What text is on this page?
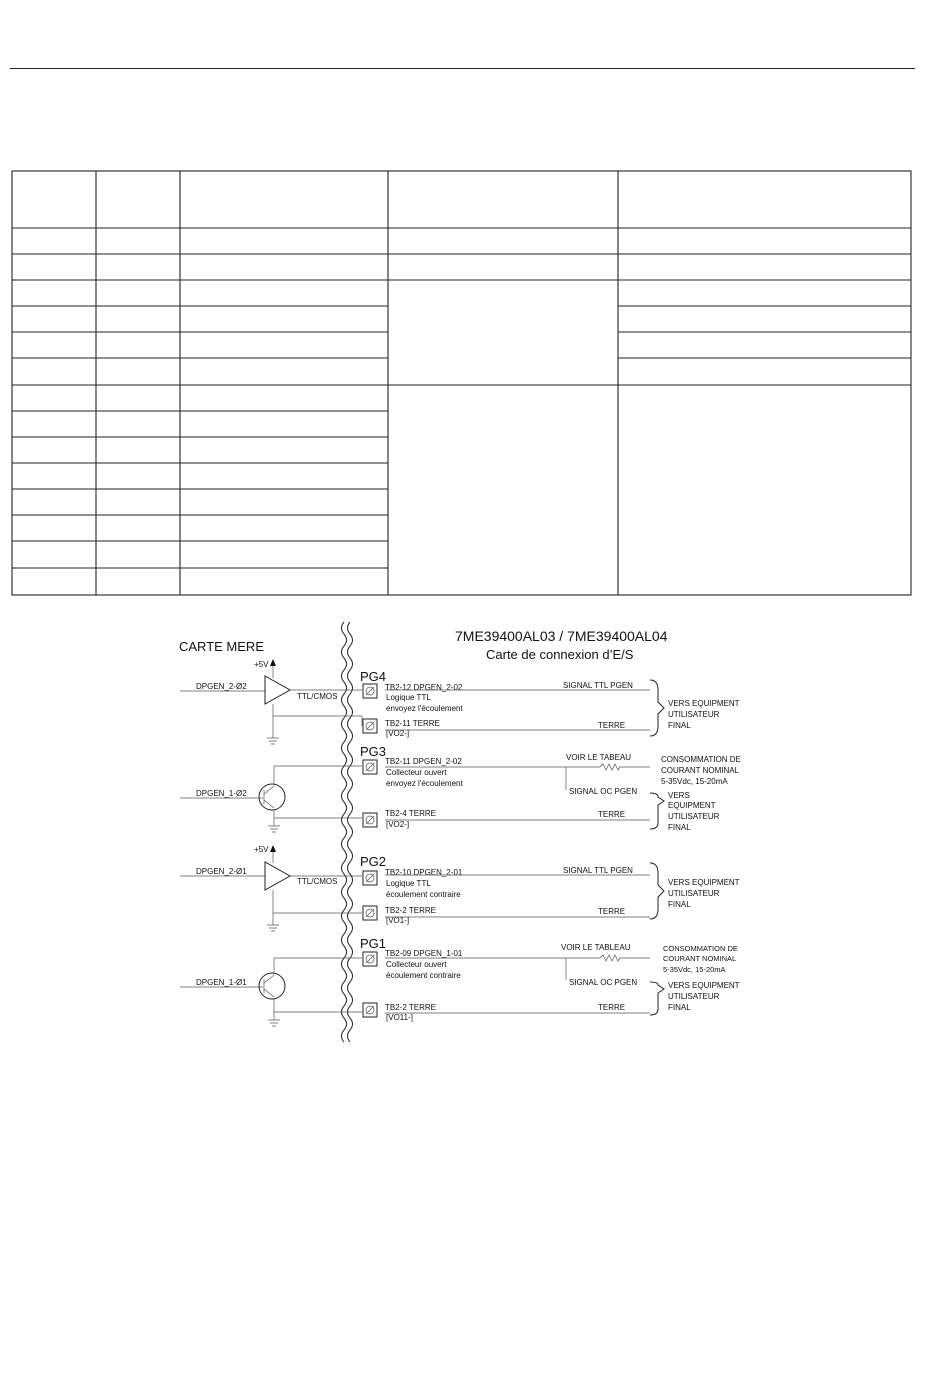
CARTE MERE
7ME39400AL03 / 7ME39400AL04
Carte de connexion d’E/S
+5V
DPGEN_2-Ø2
TTL/CMOS
PG4
TB2-12 DPGEN_2-02
Logique TTL
envoyez l'écoulement
SIGNAL TTL PGEN
TB2-11 TERRE
[VO2-]
TERRE
VERS EQUIPMENT
UTILISATEUR
FINAL
DPGEN_1-Ø2
PG3
TB2-11 DPGEN_2-02
Collecteur ouvert
envoyez l'écoulement
VOIR LE TABEAU
SIGNAL OC PGEN
TB2-4 TERRE
[VO2-]
TERRE
CONSOMMATION DE
COURANT NOMINAL
5-35Vdc, 15-20mA
VERS
EQUIPMENT
UTILISATEUR
FINAL
+5V
DPGEN_2-Ø1
TTL/CMOS
PG2
TB2-10 DPGEN_2-01
Logique TTL
écoulement contraire
SIGNAL TTL PGEN
TB2-2 TERRE
[VO1-]
TERRE
VERS EQUIPMENT
UTILISATEUR
FINAL
DPGEN_1-Ø1
PG1
TB2-09 DPGEN_1-01
Collecteur ouvert
écoulement contraire
VOIR LE TABLEAU
SIGNAL OC PGEN
TB2-2 TERRE
[VO11-]
TERRE
CONSOMMATION DE
COURANT NOMINAL
5-35Vdc, 15-20mA
VERS EQUIPMENT
UTILISATEUR
FINAL
